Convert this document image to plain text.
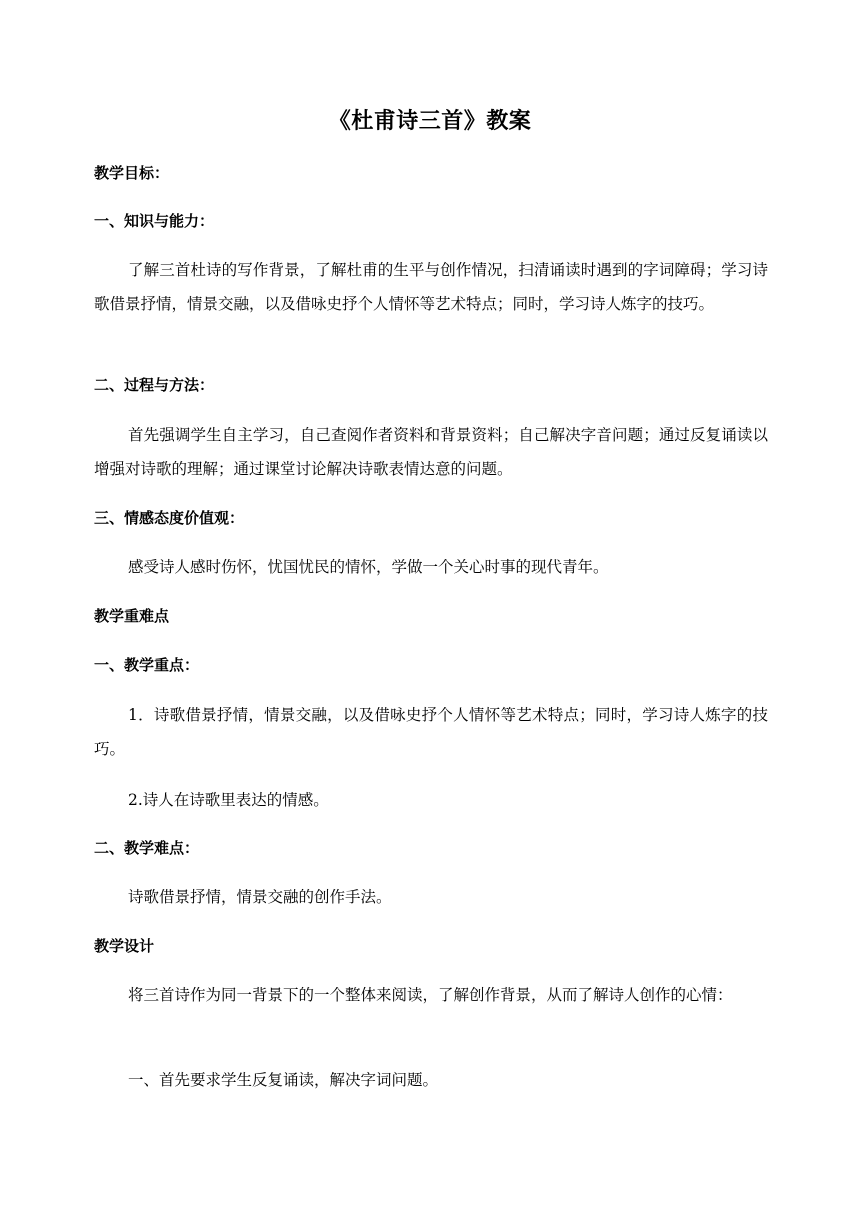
《杜甫诗三首》教案
教学目标：
一、知识与能力：
了解三首杜诗的写作背景，了解杜甫的生平与创作情况，扫清诵读时遇到的字词障碍；学习诗歌借景抒情，情景交融，以及借咏史抒个人情怀等艺术特点；同时，学习诗人炼字的技巧。
二、过程与方法：
首先强调学生自主学习，自己查阅作者资料和背景资料；自己解决字音问题；通过反复诵读以增强对诗歌的理解；通过课堂讨论解决诗歌表情达意的问题。
三、情感态度价值观：
感受诗人感时伤怀，忧国忧民的情怀，学做一个关心时事的现代青年。
教学重难点
一、教学重点：
1．诗歌借景抒情，情景交融，以及借咏史抒个人情怀等艺术特点；同时，学习诗人炼字的技巧。
2.诗人在诗歌里表达的情感。
二、教学难点：
诗歌借景抒情，情景交融的创作手法。
教学设计
将三首诗作为同一背景下的一个整体来阅读，了解创作背景，从而了解诗人创作的心情：
一、首先要求学生反复诵读，解决字词问题。
